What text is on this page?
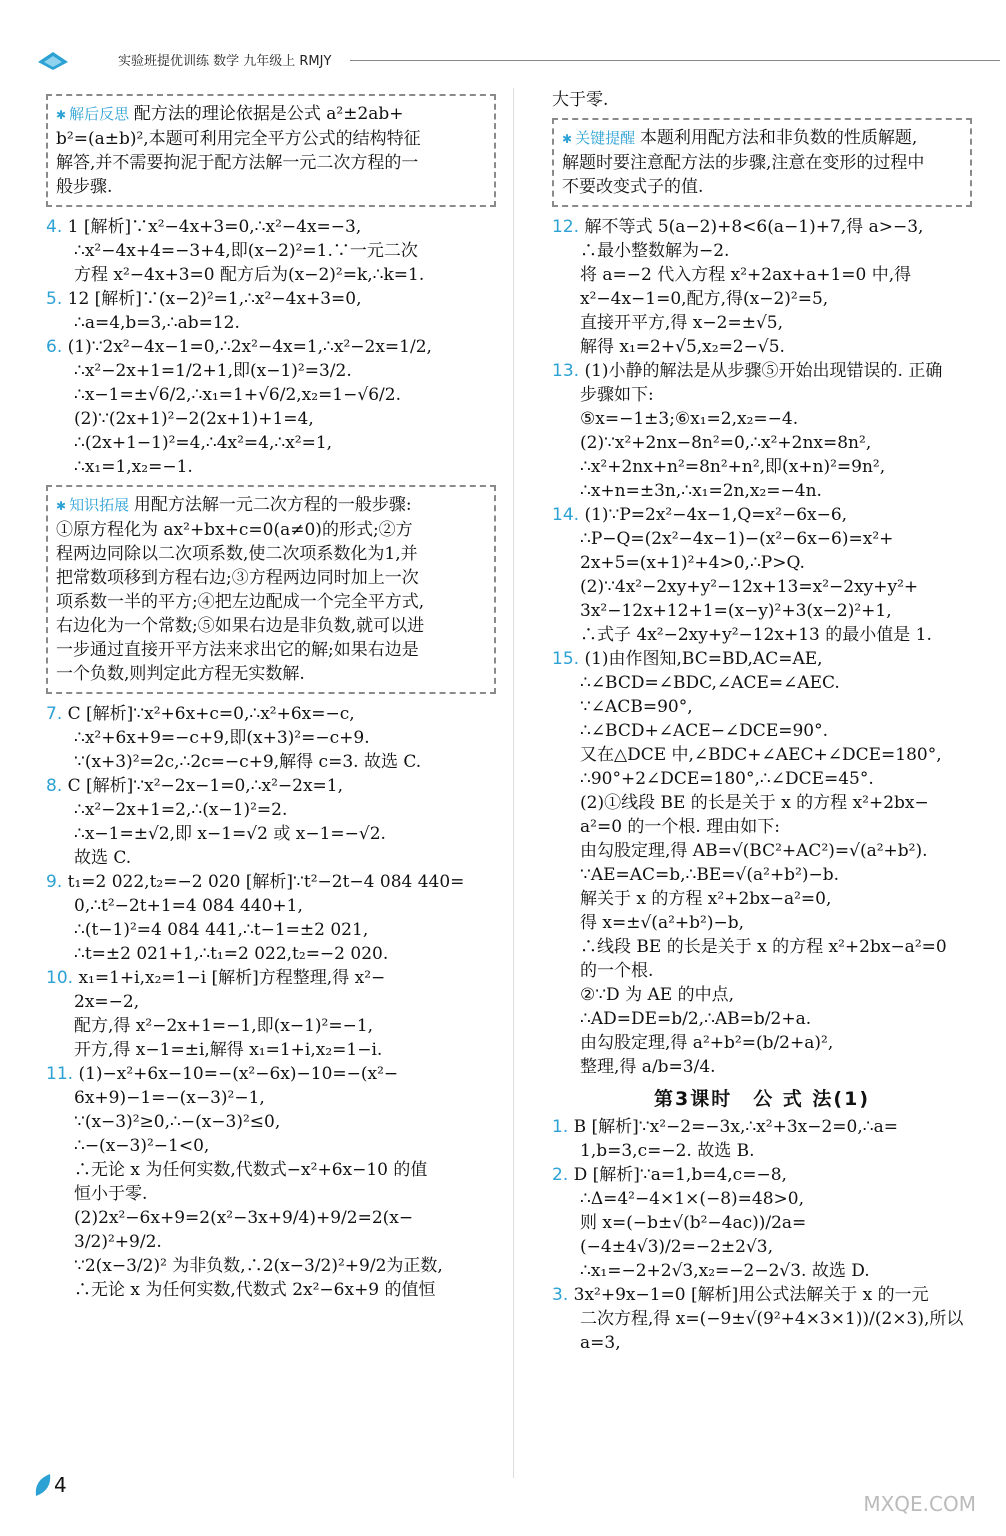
实验班提优训练 数学 九年级上 RMJY

✱ 解后反思 配方法的理论依据是公式 a²±2ab+

b²=(a±b)²,本题可利用完全平方公式的结构特征

解答,并不需要拘泥于配方法解一元二次方程的一

般步骤.

4. 1 [解析]∵x²−4x+3=0,∴x²−4x=−3,

∴x²−4x+4=−3+4,即(x−2)²=1.∵一元二次

方程 x²−4x+3=0 配方后为(x−2)²=k,∴k=1.

5. 12 [解析]∵(x−2)²=1,∴x²−4x+3=0,

∴a=4,b=3,∴ab=12.

6. (1)∵2x²−4x−1=0,∴2x²−4x=1,∴x²−2x=1/2,

∴x²−2x+1=1/2+1,即(x−1)²=3/2.

∴x−1=±√6/2,∴x₁=1+√6/2,x₂=1−√6/2.

(2)∵(2x+1)²−2(2x+1)+1=4,

∴(2x+1−1)²=4,∴4x²=4,∴x²=1,

∴x₁=1,x₂=−1.

✱ 知识拓展 用配方法解一元二次方程的一般步骤:

①原方程化为 ax²+bx+c=0(a≠0)的形式;②方

程两边同除以二次项系数,使二次项系数化为1,并

把常数项移到方程右边;③方程两边同时加上一次

项系数一半的平方;④把左边配成一个完全平方式,

右边化为一个常数;⑤如果右边是非负数,就可以进

一步通过直接开平方法来求出它的解;如果右边是

一个负数,则判定此方程无实数解.

7. C [解析]∵x²+6x+c=0,∴x²+6x=−c,

∴x²+6x+9=−c+9,即(x+3)²=−c+9.

∵(x+3)²=2c,∴2c=−c+9,解得 c=3. 故选 C.

8. C [解析]∵x²−2x−1=0,∴x²−2x=1,

∴x²−2x+1=2,∴(x−1)²=2.

∴x−1=±√2,即 x−1=√2 或 x−1=−√2.

故选 C.

9. t₁=2 022,t₂=−2 020 [解析]∵t²−2t−4 084 440=

0,∴t²−2t+1=4 084 440+1,

∴(t−1)²=4 084 441,∴t−1=±2 021,

∴t=±2 021+1,∴t₁=2 022,t₂=−2 020.

10. x₁=1+i,x₂=1−i [解析]方程整理,得 x²−

2x=−2,

配方,得 x²−2x+1=−1,即(x−1)²=−1,

开方,得 x−1=±i,解得 x₁=1+i,x₂=1−i.

11. (1)−x²+6x−10=−(x²−6x)−10=−(x²−

6x+9)−1=−(x−3)²−1,

∵(x−3)²≥0,∴−(x−3)²≤0,

∴−(x−3)²−1<0,

∴无论 x 为任何实数,代数式−x²+6x−10 的值

恒小于零.

(2)2x²−6x+9=2(x²−3x+9/4)+9/2=2(x−

3/2)²+9/2.

∵2(x−3/2)² 为非负数,∴2(x−3/2)²+9/2为正数,

∴无论 x 为任何实数,代数式 2x²−6x+9 的值恒

大于零.

✱ 关键提醒 本题利用配方法和非负数的性质解题,

解题时要注意配方法的步骤,注意在变形的过程中

不要改变式子的值.

12. 解不等式 5(a−2)+8<6(a−1)+7,得 a>−3,

∴最小整数解为−2.

将 a=−2 代入方程 x²+2ax+a+1=0 中,得

x²−4x−1=0,配方,得(x−2)²=5,

直接开平方,得 x−2=±√5,

解得 x₁=2+√5,x₂=2−√5.

13. (1)小静的解法是从步骤⑤开始出现错误的. 正确

步骤如下:

⑤x=−1±3;⑥x₁=2,x₂=−4.

(2)∵x²+2nx−8n²=0,∴x²+2nx=8n²,

∴x²+2nx+n²=8n²+n²,即(x+n)²=9n²,

∴x+n=±3n,∴x₁=2n,x₂=−4n.

14. (1)∵P=2x²−4x−1,Q=x²−6x−6,

∴P−Q=(2x²−4x−1)−(x²−6x−6)=x²+

2x+5=(x+1)²+4>0,∴P>Q.

(2)∵4x²−2xy+y²−12x+13=x²−2xy+y²+

3x²−12x+12+1=(x−y)²+3(x−2)²+1,

∴式子 4x²−2xy+y²−12x+13 的最小值是 1.

15. (1)由作图知,BC=BD,AC=AE,

∴∠BCD=∠BDC,∠ACE=∠AEC.

∵∠ACB=90°,

∴∠BCD+∠ACE−∠DCE=90°.

又在△DCE 中,∠BDC+∠AEC+∠DCE=180°,

∴90°+2∠DCE=180°,∴∠DCE=45°.

(2)①线段 BE 的长是关于 x 的方程 x²+2bx−

a²=0 的一个根. 理由如下:

由勾股定理,得 AB=√(BC²+AC²)=√(a²+b²).

∵AE=AC=b,∴BE=√(a²+b²)−b.

解关于 x 的方程 x²+2bx−a²=0,

得 x=±√(a²+b²)−b,

∴线段 BE 的长是关于 x 的方程 x²+2bx−a²=0

的一个根.

②∵D 为 AE 的中点,

∴AD=DE=b/2,∴AB=b/2+a.

由勾股定理,得 a²+b²=(b/2+a)²,

整理,得 a/b=3/4.

第3课时　公 式 法(1)

1. B [解析]∵x²−2=−3x,∴x²+3x−2=0,∴a=

1,b=3,c=−2. 故选 B.

2. D [解析]∵a=1,b=4,c=−8,

∴Δ=4²−4×1×(−8)=48>0,

则 x=(−b±√(b²−4ac))/2a=(−4±4√3)/2=−2±2√3,

∴x₁=−2+2√3,x₂=−2−2√3. 故选 D.

3. 3x²+9x−1=0 [解析]用公式法解关于 x 的一元

二次方程,得 x=(−9±√(9²+4×3×1))/(2×3),所以 a=3,

4
MXQE.COM
